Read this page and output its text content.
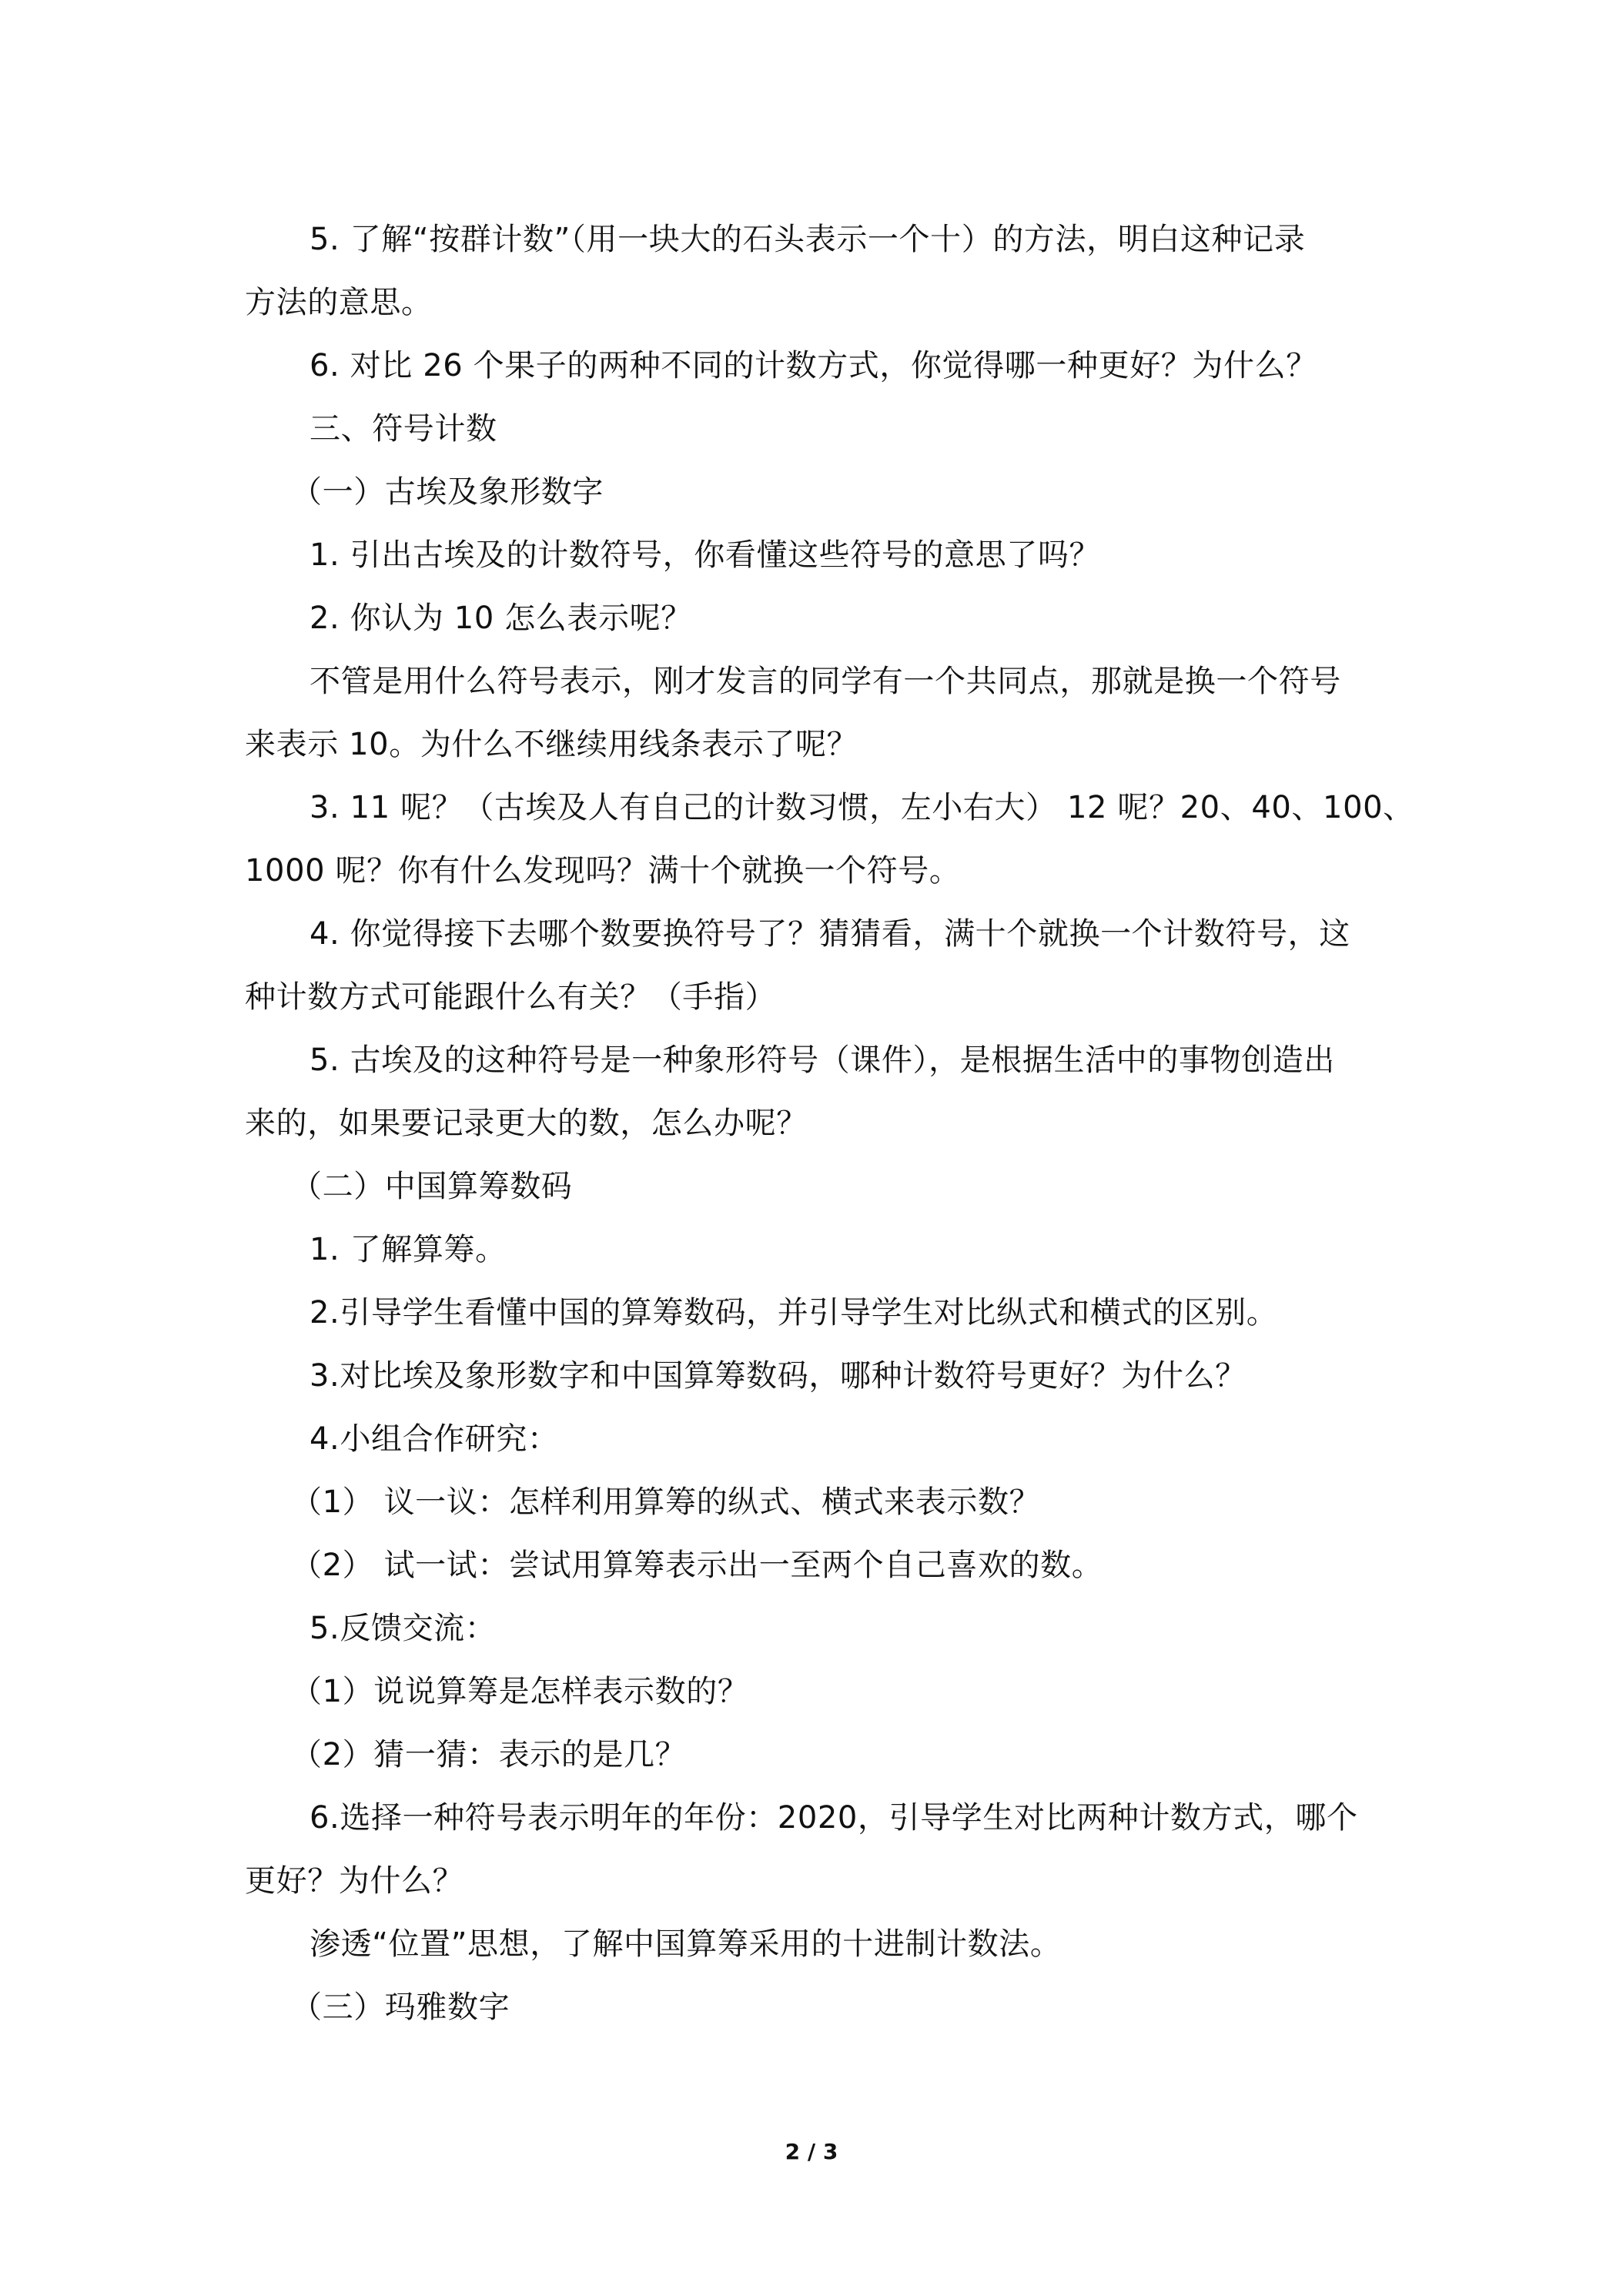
5. 了解“按群计数”（用一块大的石头表示一个十）的方法，明白这种记录
方法的意思。
6. 对比 26 个果子的两种不同的计数方式，你觉得哪一种更好？为什么？
三、符号计数
（一）古埃及象形数字
1. 引出古埃及的计数符号，你看懂这些符号的意思了吗？
2. 你认为 10 怎么表示呢？
不管是用什么符号表示，刚才发言的同学有一个共同点，那就是换一个符号
来表示 10。为什么不继续用线条表示了呢？
3. 11 呢？（古埃及人有自己的计数习惯，左小右大） 12 呢？20、40、100、
1000 呢？你有什么发现吗？满十个就换一个符号。
4. 你觉得接下去哪个数要换符号了？猜猜看，满十个就换一个计数符号，这
种计数方式可能跟什么有关？（手指）
5. 古埃及的这种符号是一种象形符号（课件），是根据生活中的事物创造出
来的，如果要记录更大的数，怎么办呢？
（二）中国算筹数码
1. 了解算筹。
2.引导学生看懂中国的算筹数码，并引导学生对比纵式和横式的区别。
3.对比埃及象形数字和中国算筹数码，哪种计数符号更好？为什么？
4.小组合作研究：
（1） 议一议：怎样利用算筹的纵式、横式来表示数？
（2） 试一试：尝试用算筹表示出一至两个自己喜欢的数。
5.反馈交流：
（1）说说算筹是怎样表示数的？
（2）猜一猜：表示的是几？
6.选择一种符号表示明年的年份：2020，引导学生对比两种计数方式，哪个
更好？为什么？
渗透“位置”思想，了解中国算筹采用的十进制计数法。
（三）玛雅数字
2 / 3
